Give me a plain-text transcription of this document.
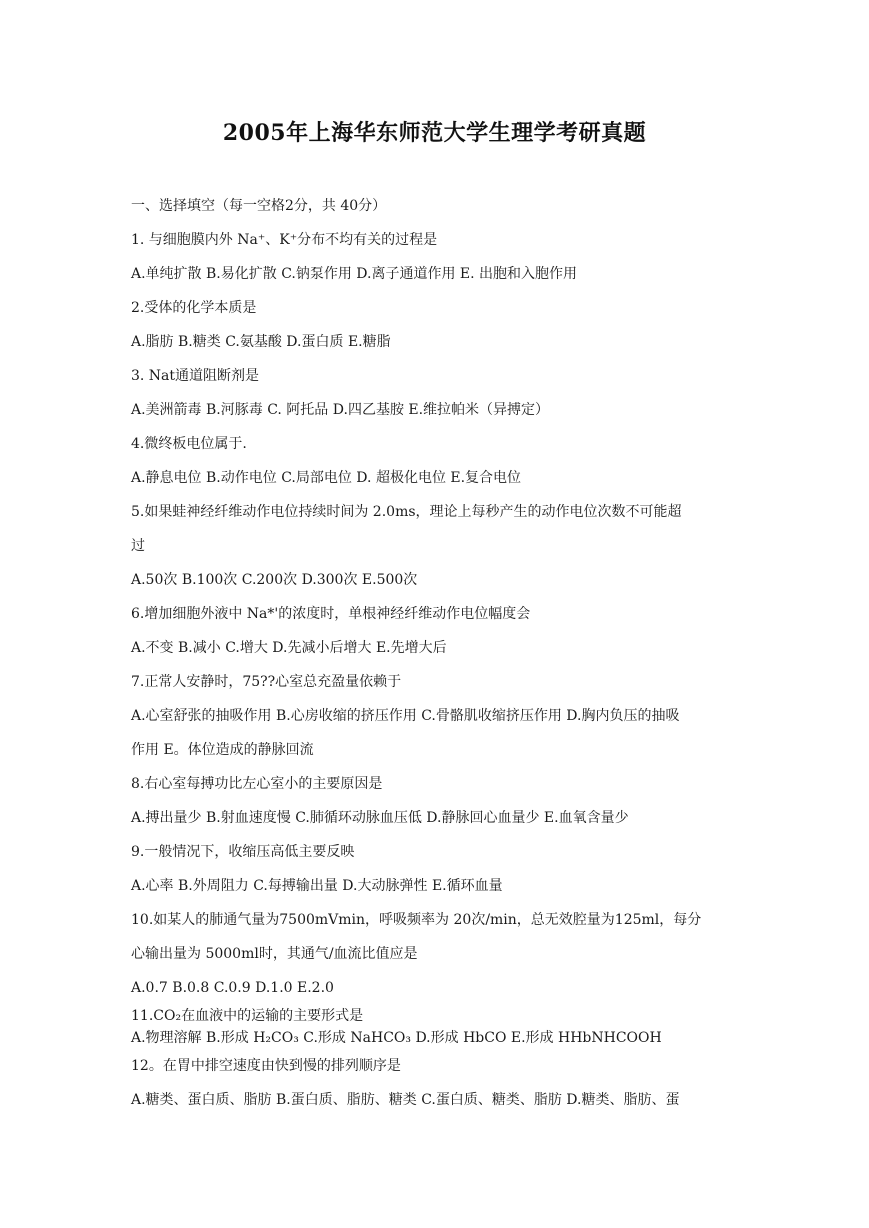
2005年上海华东师范大学生理学考研真题
一、选择填空（每一空格2分，共 40分）
1. 与细胞膜内外 Na⁺、K⁺分布不均有关的过程是
A.单纯扩散 B.易化扩散 C.钠泵作用 D.离子通道作用 E. 出胞和入胞作用
2.受体的化学本质是
A.脂肪 B.糖类 C.氨基酸 D.蛋白质 E.糖脂
3. Nat通道阻断剂是
A.美洲箭毒 B.河豚毒 C. 阿托品 D.四乙基胺 E.维拉帕米（异搏定）
4.微终板电位属于.
A.静息电位 B.动作电位 C.局部电位 D. 超极化电位 E.复合电位
5.如果蛙神经纤维动作电位持续时间为 2.0ms，理论上每秒产生的动作电位次数不可能超
过
A.50次 B.100次 C.200次 D.300次 E.500次
6.增加细胞外液中 Na*'的浓度时，单根神经纤维动作电位幅度会
A.不变 B.减小 C.增大 D.先减小后增大 E.先增大后
7.正常人安静时，75??心室总充盈量依赖于
A.心室舒张的抽吸作用 B.心房收缩的挤压作用 C.骨骼肌收缩挤压作用 D.胸内负压的抽吸
作用 E。体位造成的静脉回流
8.右心室每搏功比左心室小的主要原因是
A.搏出量少 B.射血速度慢 C.肺循环动脉血压低 D.静脉回心血量少 E.血氧含量少
9.一般情况下，收缩压高低主要反映
A.心率 B.外周阻力 C.每搏输出量 D.大动脉弹性 E.循环血量
10.如某人的肺通气量为7500mVmin，呼吸频率为 20次/min，总无效腔量为125ml，每分
心输出量为 5000ml时，其通气/血流比值应是
A.0.7 B.0.8 C.0.9 D.1.0 E.2.0
11.CO₂在血液中的运输的主要形式是
A.物理溶解 B.形成 H₂CO₃ C.形成 NaHCO₃ D.形成 HbCO E.形成 HHbNHCOOH
12。在胃中排空速度由快到慢的排列顺序是
A.糖类、蛋白质、脂肪 B.蛋白质、脂肪、糖类 C.蛋白质、糖类、脂肪 D.糖类、脂肪、蛋
